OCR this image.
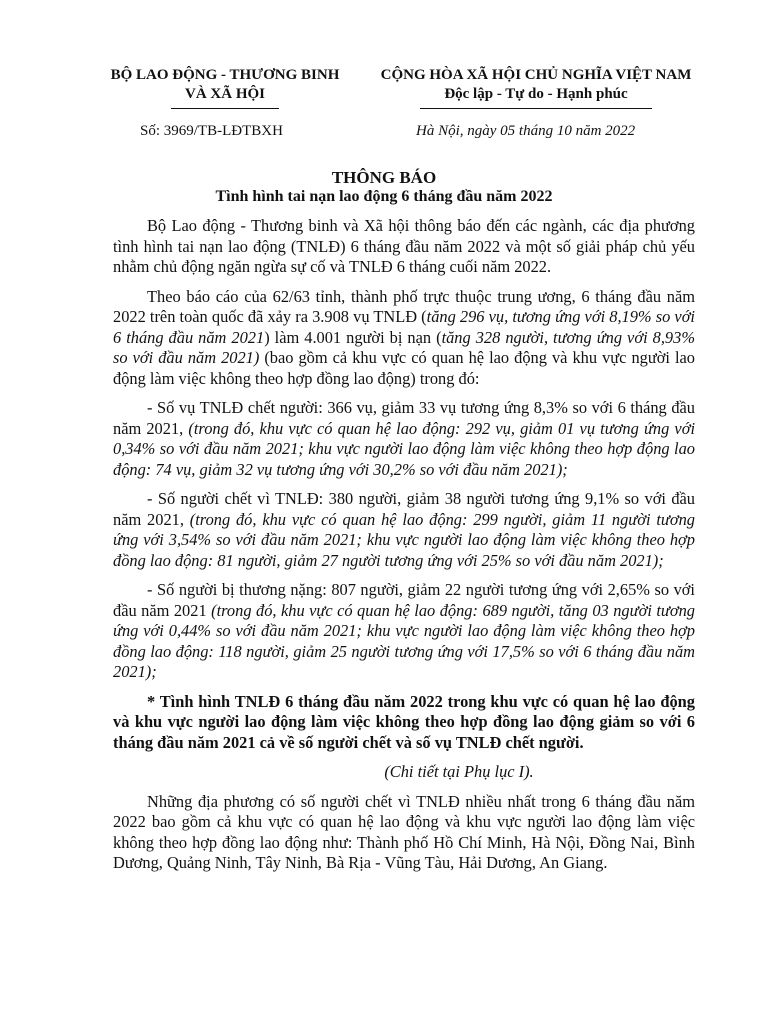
BỘ LAO ĐỘNG - THƯƠNG BINH
VÀ XÃ HỘI
CỘNG HÒA XÃ HỘI CHỦ NGHĨA VIỆT NAM
Độc lập - Tự do - Hạnh phúc
Số: 3969/TB-LĐTBXH	Hà Nội, ngày 05 tháng 10 năm 2022
THÔNG BÁO
Tình hình tai nạn lao động 6 tháng đầu năm 2022

Bộ Lao động - Thương binh và Xã hội thông báo đến các ngành, các địa phương tình hình tai nạn lao động (TNLĐ) 6 tháng đầu năm 2022 và một số giải pháp chủ yếu nhằm chủ động ngăn ngừa sự cố và TNLĐ 6 tháng cuối năm 2022.

Theo báo cáo của 62/63 tỉnh, thành phố trực thuộc trung ương, 6 tháng đầu năm 2022 trên toàn quốc đã xảy ra 3.908 vụ TNLĐ (tăng 296 vụ, tương ứng với 8,19% so với 6 tháng đầu năm 2021) làm 4.001 người bị nạn (tăng 328 người, tương ứng với 8,93% so với đầu năm 2021) (bao gồm cả khu vực có quan hệ lao động và khu vực người lao động làm việc không theo hợp đồng lao động) trong đó:

- Số vụ TNLĐ chết người: 366 vụ, giảm 33 vụ tương ứng 8,3% so với 6 tháng đầu năm 2021, (trong đó, khu vực có quan hệ lao động: 292 vụ, giảm 01 vụ tương ứng với 0,34% so với đầu năm 2021; khu vực người lao động làm việc không theo hợp động lao động: 74 vụ, giảm 32 vụ tương ứng với 30,2% so với đầu năm 2021);

- Số người chết vì TNLĐ: 380 người, giảm 38 người tương ứng 9,1% so với đầu năm 2021, (trong đó, khu vực có quan hệ lao động: 299 người, giảm 11 người tương ứng với 3,54% so với đầu năm 2021; khu vực người lao động làm việc không theo hợp đồng lao động: 81 người, giảm 27 người tương ứng với 25% so với đầu năm 2021);

- Số người bị thương nặng: 807 người, giảm 22 người tương ứng với 2,65% so với đầu năm 2021 (trong đó, khu vực có quan hệ lao động: 689 người, tăng 03 người tương ứng với 0,44% so với đầu năm 2021; khu vực người lao động làm việc không theo hợp đồng lao động: 118 người, giảm 25 người tương ứng với 17,5% so với 6 tháng đầu năm 2021);

* Tình hình TNLĐ 6 tháng đầu năm 2022 trong khu vực có quan hệ lao động và khu vực người lao động làm việc không theo hợp đồng lao động giảm so với 6 tháng đầu năm 2021 cả về số người chết và số vụ TNLĐ chết người.

(Chi tiết tại Phụ lục I).

Những địa phương có số người chết vì TNLĐ nhiều nhất trong 6 tháng đầu năm 2022 bao gồm cả khu vực có quan hệ lao động và khu vực người lao động làm việc không theo hợp đồng lao động như: Thành phố Hồ Chí Minh, Hà Nội, Đồng Nai, Bình Dương, Quảng Ninh, Tây Ninh, Bà Rịa - Vũng Tàu, Hải Dương, An Giang.
